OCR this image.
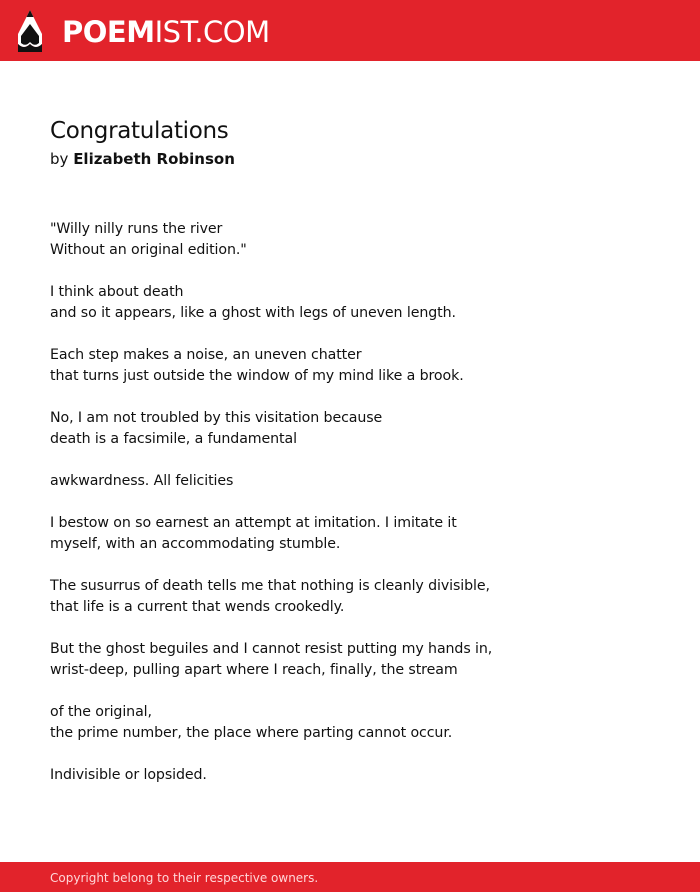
POEMIST.COM
Congratulations
by Elizabeth Robinson

"Willy nilly runs the river
Without an original edition."

I think about death
and so it appears, like a ghost with legs of uneven length.

Each step makes a noise, an uneven chatter
that turns just outside the window of my mind like a brook.

No, I am not troubled by this visitation because
death is a facsimile, a fundamental

awkwardness. All felicities

I bestow on so earnest an attempt at imitation. I imitate it
myself, with an accommodating stumble.

The susurrus of death tells me that nothing is cleanly divisible,
that life is a current that wends crookedly.

But the ghost beguiles and I cannot resist putting my hands in,
wrist-deep, pulling apart where I reach, finally, the stream

of the original,
the prime number, the place where parting cannot occur.

Indivisible or lopsided.

Copyright belong to their respective owners.
